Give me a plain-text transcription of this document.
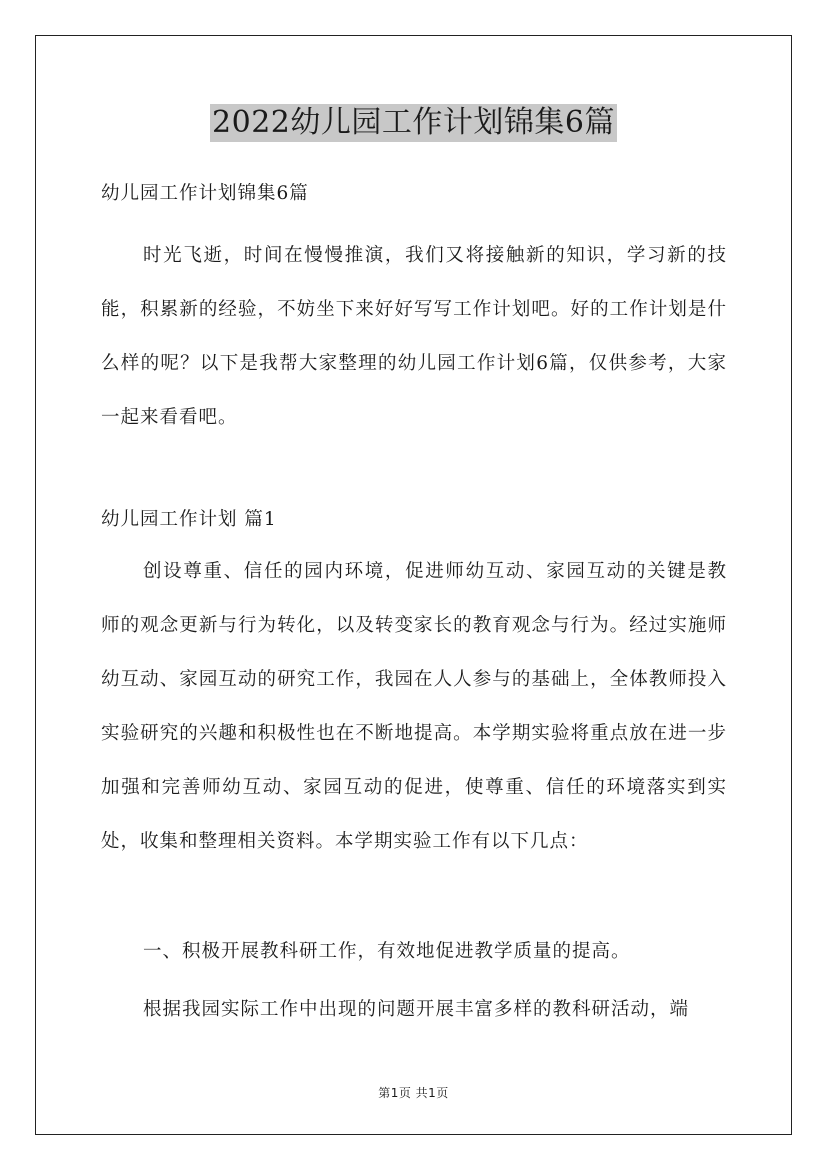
2022幼儿园工作计划锦集6篇
幼儿园工作计划锦集6篇
时光飞逝，时间在慢慢推演，我们又将接触新的知识，学习新的技能，积累新的经验，不妨坐下来好好写写工作计划吧。好的工作计划是什么样的呢？以下是我帮大家整理的幼儿园工作计划6篇，仅供参考，大家一起来看看吧。
幼儿园工作计划 篇1
创设尊重、信任的园内环境，促进师幼互动、家园互动的关键是教师的观念更新与行为转化，以及转变家长的教育观念与行为。经过实施师幼互动、家园互动的研究工作，我园在人人参与的基础上，全体教师投入实验研究的兴趣和积极性也在不断地提高。本学期实验将重点放在进一步加强和完善师幼互动、家园互动的促进，使尊重、信任的环境落实到实处，收集和整理相关资料。本学期实验工作有以下几点：
一、积极开展教科研工作，有效地促进教学质量的提高。
根据我园实际工作中出现的问题开展丰富多样的教科研活动，端
第1页 共1页
